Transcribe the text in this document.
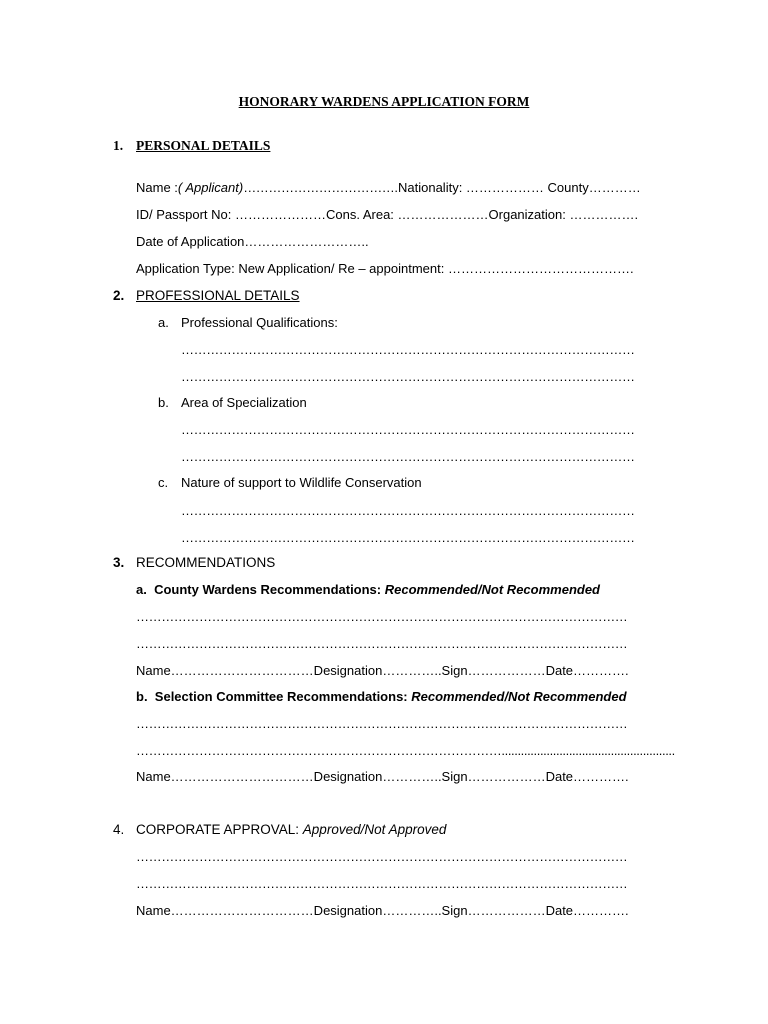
HONORARY WARDENS APPLICATION FORM
1. PERSONAL DETAILS
Name :( Applicant)……………………………….Nationality: ……………… County…………
ID/ Passport No: …………………Cons. Area: …………………Organization: …………….
Date of Application………………………..
Application Type: New Application/ Re – appointment: …………………………………….
2. PROFESSIONAL DETAILS
a. Professional Qualifications:
………………………………………………………………………………………………
………………………………………………………………………………………………
b. Area of Specialization
………………………………………………………………………………………………
………………………………………………………………………………………………
c. Nature of support to Wildlife Conservation
………………………………………………………………………………………………
………………………………………………………………………………………………
3. RECOMMENDATIONS
a. County Wardens Recommendations: Recommended/Not Recommended
………………………………………………………………………………………………………
………………………………………………………………………………………………………
Name……………………………Designation…………..Sign………………Date………….
b. Selection Committee Recommendations: Recommended/Not Recommended
………………………………………………………………………………………………………
……………………………………………………………………………......................................................
Name……………………………Designation…………..Sign………………Date………….
4. CORPORATE APPROVAL: Approved/Not Approved
………………………………………………………………………………………………………
………………………………………………………………………………………………………
Name……………………………Designation…………..Sign………………Date………….
